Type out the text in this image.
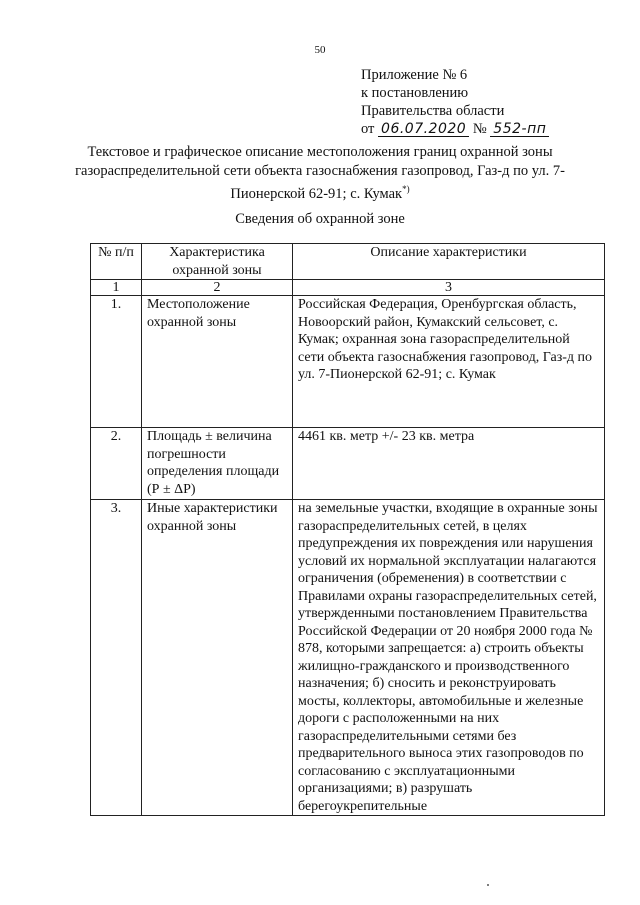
50
Приложение № 6
к постановлению
Правительства области
от 06.07.2020 № 552-пп
Текстовое и графическое описание местоположения границ охранной зоны газораспределительной сети объекта газоснабжения газопровод, Газ-д по ул. 7-Пионерской 62-91; с. Кумак*)
Сведения об охранной зоне
№ п/п	Характеристика охранной зоны	Описание характеристики
1	2	3
1.	Местоположение охранной зоны	Российская Федерация, Оренбургская область, Новоорский район, Кумакский сельсовет, с. Кумак; охранная зона газораспределительной сети объекта газоснабжения газопровод, Газ-д по ул. 7-Пионерской 62-91; с. Кумак
2.	Площадь ± величина погрешности определения площади (Р ± ΔР)	4461 кв. метр +/- 23 кв. метра
3.	Иные характеристики охранной зоны	на земельные участки, входящие в охранные зоны газораспределительных сетей, в целях предупреждения их повреждения или нарушения условий их нормальной эксплуатации налагаются ограничения (обременения) в соответствии с Правилами охраны газораспределительных сетей, утвержденными постановлением Правительства Российской Федерации от 20 ноября 2000 года № 878, которыми запрещается: а) строить объекты жилищно-гражданского и производственного назначения; б) сносить и реконструировать мосты, коллекторы, автомобильные и железные дороги с расположенными на них газораспределительными сетями без предварительного выноса этих газопроводов по согласованию с эксплуатационными организациями; в) разрушать берегоукрепительные
